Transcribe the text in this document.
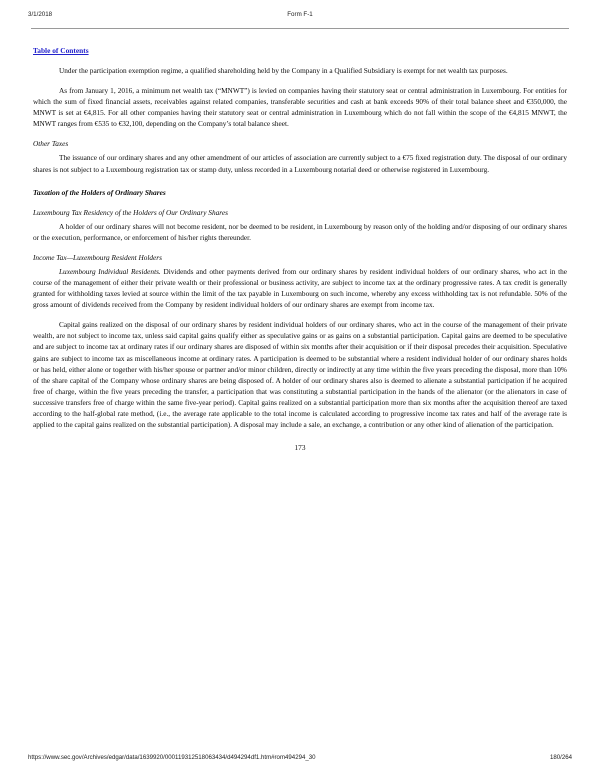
3/1/2018	Form F-1
Table of Contents

Under the participation exemption regime, a qualified shareholding held by the Company in a Qualified Subsidiary is exempt for net wealth tax purposes.

As from January 1, 2016, a minimum net wealth tax (“MNWT”) is levied on companies having their statutory seat or central administration in Luxembourg. For entities for which the sum of fixed financial assets, receivables against related companies, transferable securities and cash at bank exceeds 90% of their total balance sheet and €350,000, the MNWT is set at €4,815. For all other companies having their statutory seat or central administration in Luxembourg which do not fall within the scope of the €4,815 MNWT, the MNWT ranges from €535 to €32,100, depending on the Company’s total balance sheet.

Other Taxes

The issuance of our ordinary shares and any other amendment of our articles of association are currently subject to a €75 fixed registration duty. The disposal of our ordinary shares is not subject to a Luxembourg registration tax or stamp duty, unless recorded in a Luxembourg notarial deed or otherwise registered in Luxembourg.

Taxation of the Holders of Ordinary Shares
Luxembourg Tax Residency of the Holders of Our Ordinary Shares

A holder of our ordinary shares will not become resident, nor be deemed to be resident, in Luxembourg by reason only of the holding and/or disposing of our ordinary shares or the execution, performance, or enforcement of his/her rights thereunder.

Income Tax—Luxembourg Resident Holders

Luxembourg Individual Residents. Dividends and other payments derived from our ordinary shares by resident individual holders of our ordinary shares, who act in the course of the management of either their private wealth or their professional or business activity, are subject to income tax at the ordinary progressive rates. A tax credit is generally granted for withholding taxes levied at source within the limit of the tax payable in Luxembourg on such income, whereby any excess withholding tax is not refundable. 50% of the gross amount of dividends received from the Company by resident individual holders of our ordinary shares are exempt from income tax.

Capital gains realized on the disposal of our ordinary shares by resident individual holders of our ordinary shares, who act in the course of the management of their private wealth, are not subject to income tax, unless said capital gains qualify either as speculative gains or as gains on a substantial participation. Capital gains are deemed to be speculative and are subject to income tax at ordinary rates if our ordinary shares are disposed of within six months after their acquisition or if their disposal precedes their acquisition. Speculative gains are subject to income tax as miscellaneous income at ordinary rates. A participation is deemed to be substantial where a resident individual holder of our ordinary shares holds or has held, either alone or together with his/her spouse or partner and/or minor children, directly or indirectly at any time within the five years preceding the disposal, more than 10% of the share capital of the Company whose ordinary shares are being disposed of. A holder of our ordinary shares also is deemed to alienate a substantial participation if he acquired free of charge, within the five years preceding the transfer, a participation that was constituting a substantial participation in the hands of the alienator (or the alienators in case of successive transfers free of charge within the same five-year period). Capital gains realized on a substantial participation more than six months after the acquisition thereof are taxed according to the half-global rate method, (i.e., the average rate applicable to the total income is calculated according to progressive income tax rates and half of the average rate is applied to the capital gains realized on the substantial participation). A disposal may include a sale, an exchange, a contribution or any other kind of alienation of the participation.

173
https://www.sec.gov/Archives/edgar/data/1639920/000119312518063434/d494294df1.htm#rom494294_30	180/264
